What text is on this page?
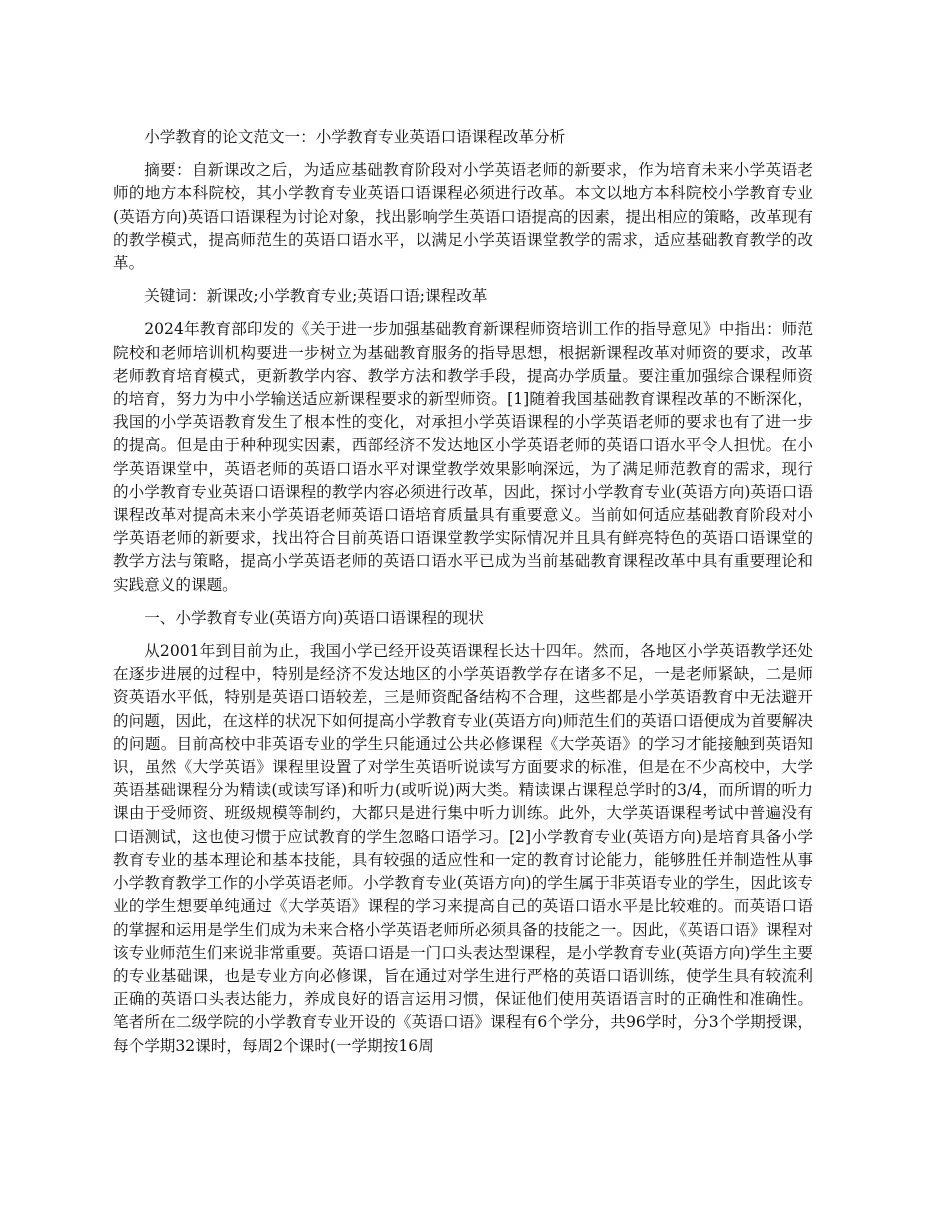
小学教育的论文范文一：小学教育专业英语口语课程改革分析

摘要：自新课改之后，为适应基础教育阶段对小学英语老师的新要求，作为培育未来小学英语老师的地方本科院校，其小学教育专业英语口语课程必须进行改革。本文以地方本科院校小学教育专业(英语方向)英语口语课程为讨论对象，找出影响学生英语口语提高的因素，提出相应的策略，改革现有的教学模式，提高师范生的英语口语水平，以满足小学英语课堂教学的需求，适应基础教育教学的改革。

关键词：新课改;小学教育专业;英语口语;课程改革

2024年教育部印发的《关于进一步加强基础教育新课程师资培训工作的指导意见》中指出：师范院校和老师培训机构要进一步树立为基础教育服务的指导思想，根据新课程改革对师资的要求，改革老师教育培育模式，更新教学内容、教学方法和教学手段，提高办学质量。要注重加强综合课程师资的培育，努力为中小学输送适应新课程要求的新型师资。[1]随着我国基础教育课程改革的不断深化，我国的小学英语教育发生了根本性的变化，对承担小学英语课程的小学英语老师的要求也有了进一步的提高。但是由于种种现实因素，西部经济不发达地区小学英语老师的英语口语水平令人担忧。在小学英语课堂中，英语老师的英语口语水平对课堂教学效果影响深远，为了满足师范教育的需求，现行的小学教育专业英语口语课程的教学内容必须进行改革，因此，探讨小学教育专业(英语方向)英语口语课程改革对提高未来小学英语老师英语口语培育质量具有重要意义。当前如何适应基础教育阶段对小学英语老师的新要求，找出符合目前英语口语课堂教学实际情况并且具有鲜亮特色的英语口语课堂的教学方法与策略，提高小学英语老师的英语口语水平已成为当前基础教育课程改革中具有重要理论和实践意义的课题。

一、小学教育专业(英语方向)英语口语课程的现状

从2001年到目前为止，我国小学已经开设英语课程长达十四年。然而，各地区小学英语教学还处在逐步进展的过程中，特别是经济不发达地区的小学英语教学存在诸多不足，一是老师紧缺，二是师资英语水平低，特别是英语口语较差，三是师资配备结构不合理，这些都是小学英语教育中无法避开的问题，因此，在这样的状况下如何提高小学教育专业(英语方向)师范生们的英语口语便成为首要解决的问题。目前高校中非英语专业的学生只能通过公共必修课程《大学英语》的学习才能接触到英语知识，虽然《大学英语》课程里设置了对学生英语听说读写方面要求的标准，但是在不少高校中，大学英语基础课程分为精读(或读写译)和听力(或听说)两大类。精读课占课程总学时的3/4，而所谓的听力课由于受师资、班级规模等制约，大都只是进行集中听力训练。此外，大学英语课程考试中普遍没有口语测试，这也使习惯于应试教育的学生忽略口语学习。[2]小学教育专业(英语方向)是培育具备小学教育专业的基本理论和基本技能，具有较强的适应性和一定的教育讨论能力，能够胜任并制造性从事小学教育教学工作的小学英语老师。小学教育专业(英语方向)的学生属于非英语专业的学生，因此该专业的学生想要单纯通过《大学英语》课程的学习来提高自己的英语口语水平是比较难的。而英语口语的掌握和运用是学生们成为未来合格小学英语老师所必须具备的技能之一。因此，《英语口语》课程对该专业师范生们来说非常重要。英语口语是一门口头表达型课程，是小学教育专业(英语方向)学生主要的专业基础课，也是专业方向必修课，旨在通过对学生进行严格的英语口语训练，使学生具有较流利正确的英语口头表达能力，养成良好的语言运用习惯，保证他们使用英语语言时的正确性和准确性。笔者所在二级学院的小学教育专业开设的《英语口语》课程有6个学分，共96学时，分3个学期授课，每个学期32课时，每周2个课时(一学期按16周
